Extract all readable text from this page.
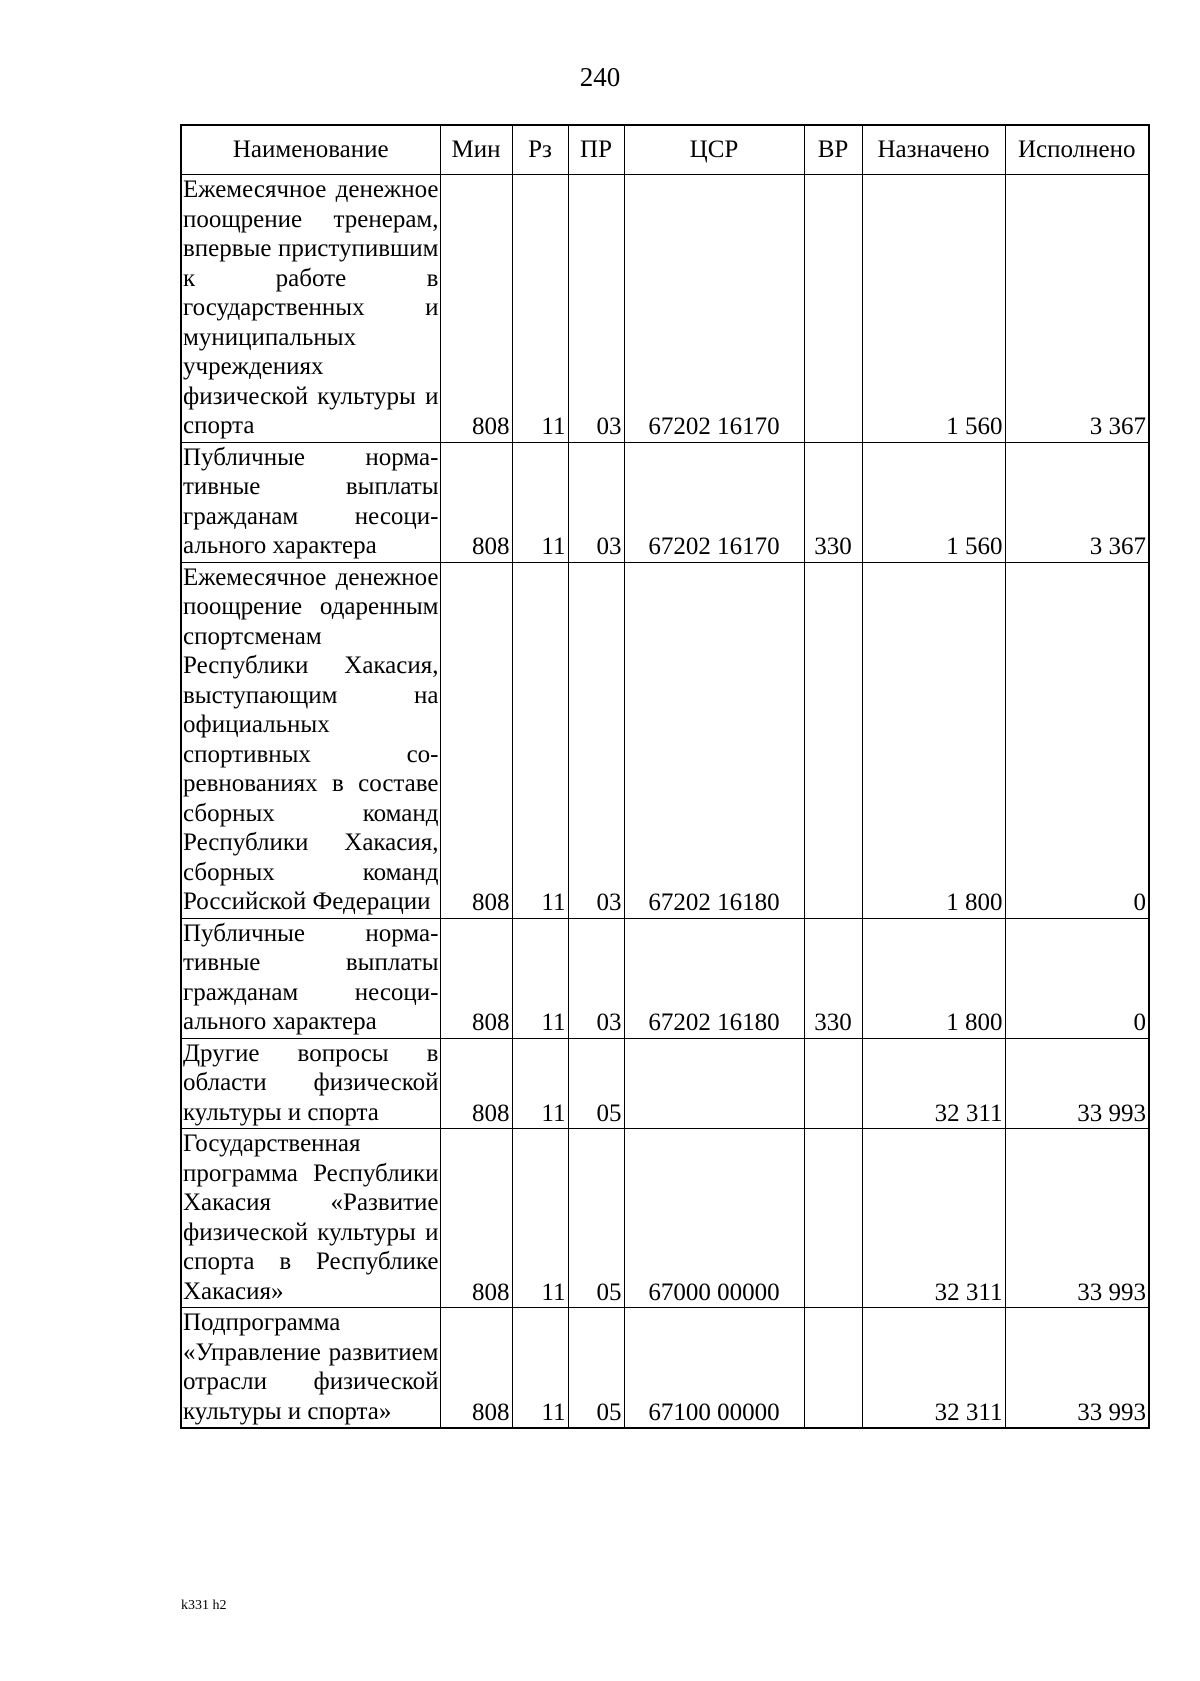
240
Наименование	Мин	Рз	ПР	ЦСР	ВР	Назначено	Исполнено
Ежемесячное денежное поощрение тренерам, впервые приступившим к работе в государственных и муниципальных учреждениях физической культуры и спорта	808	11	03	67202 16170		1 560	3 367
Публичные нормативные выплаты гражданам несоциального характера	808	11	03	67202 16170	330	1 560	3 367
Ежемесячное денежное поощрение одаренным спортсменам Республики Хакасия, выступающим на официальных спортивных соревнованиях в составе сборных команд Республики Хакасия, сборных команд Российской Федерации	808	11	03	67202 16180		1 800	0
Публичные нормативные выплаты гражданам несоциального характера	808	11	03	67202 16180	330	1 800	0
Другие вопросы в области физической культуры и спорта	808	11	05			32 311	33 993
Государственная программа Республики Хакасия «Развитие физической культуры и спорта в Республике Хакасия»	808	11	05	67000 00000		32 311	33 993
Подпрограмма «Управление развитием отрасли физической культуры и спорта»	808	11	05	67100 00000		32 311	33 993
k331 h2
